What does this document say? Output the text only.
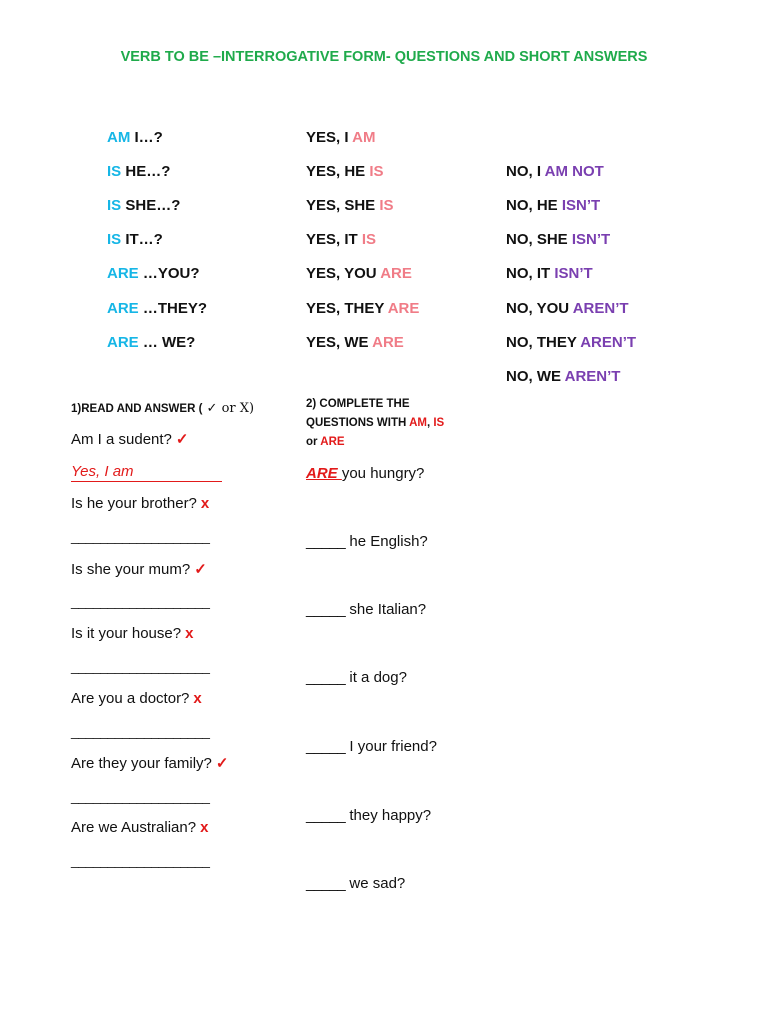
VERB TO BE –INTERROGATIVE FORM- QUESTIONS AND SHORT ANSWERS
AM I…?
IS HE…?
IS SHE…?
IS IT…?
ARE …YOU?
ARE …THEY?
ARE … WE?
YES, I AM
YES, HE IS
YES, SHE IS
YES, IT IS
YES, YOU ARE
YES, THEY ARE
YES, WE ARE
NO, I AM NOT
NO, HE ISN’T
NO, SHE ISN’T
NO, IT ISN’T
NO, YOU AREN’T
NO, THEY AREN’T
NO, WE AREN’T
1)READ AND ANSWER ( ✓ or X)
Am I a sudent? ✓
Yes, I am
Is he your brother? x
___________________
Is she your mum? ✓
___________________
Is it your house? x
___________________
Are you a doctor? x
___________________
Are they your family? ✓
___________________
Are we Australian? x
___________________
2) COMPLETE THE
QUESTIONS WITH AM, IS
or ARE
ARE you hungry?
_____ he English?
_____ she Italian?
_____ it a dog?
_____ I your friend?
_____ they happy?
_____ we sad?
